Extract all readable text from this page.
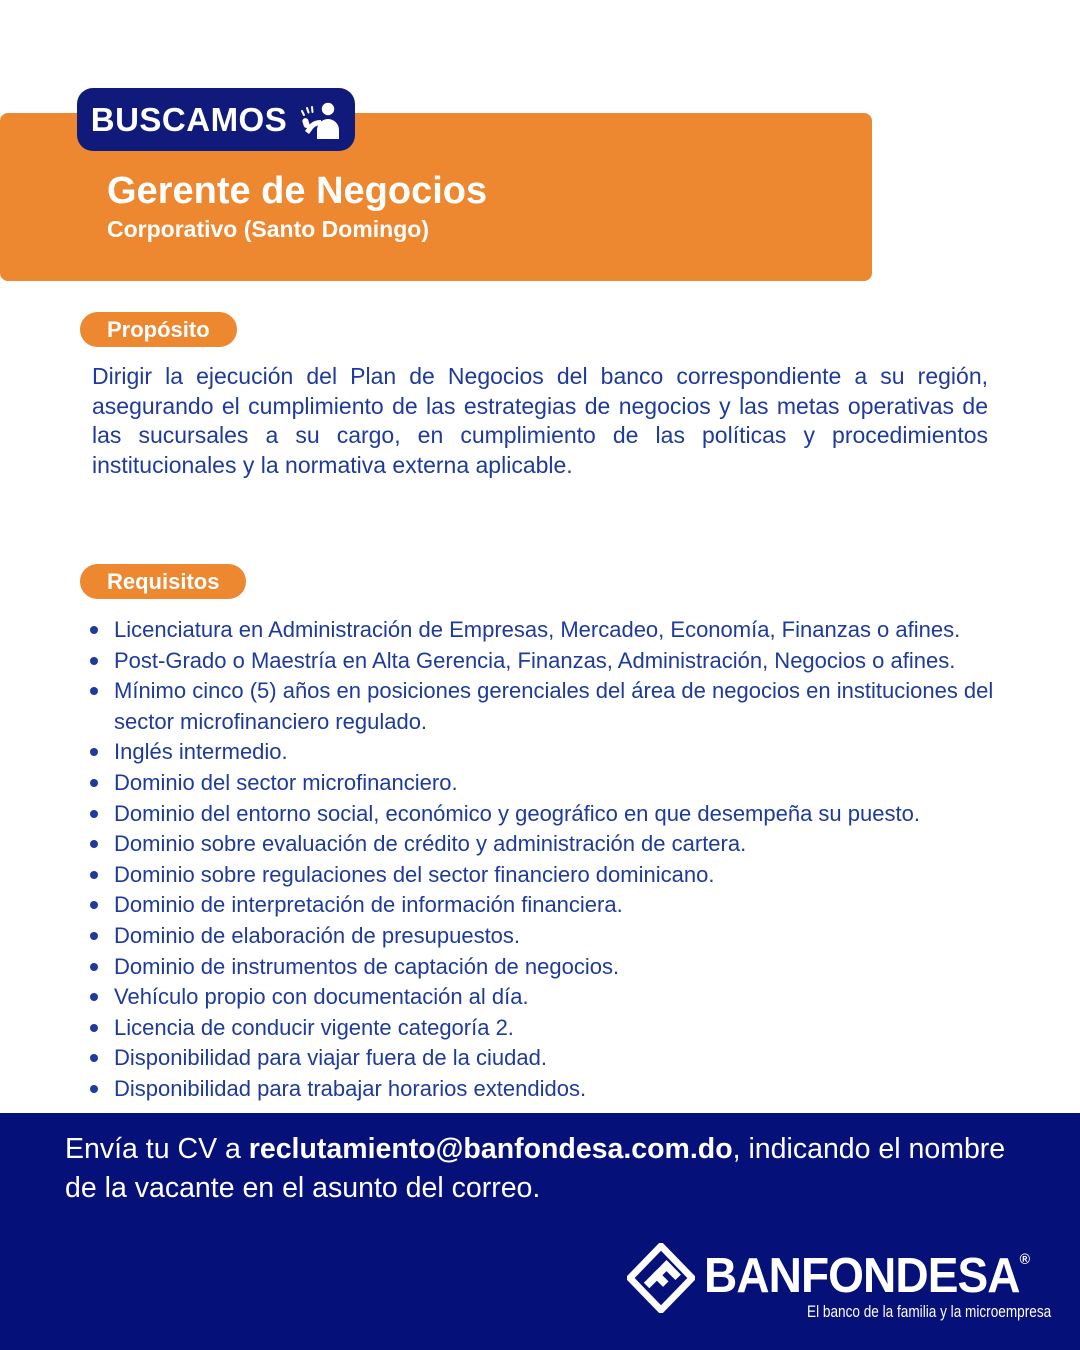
BUSCAMOS
Gerente de Negocios
Corporativo (Santo Domingo)
Propósito
Dirigir la ejecución del Plan de Negocios del banco correspondiente a su región, asegurando el cumplimiento de las estrategias de negocios y las metas operativas de las sucursales a su cargo, en cumplimiento de las políticas y procedimientos institucionales y la normativa externa aplicable.
Requisitos
Licenciatura en Administración de Empresas, Mercadeo, Economía, Finanzas o afines.
Post-Grado o Maestría en Alta Gerencia, Finanzas, Administración, Negocios o afines.
Mínimo cinco (5) años en posiciones gerenciales del área de negocios en instituciones del sector microfinanciero regulado.
Inglés intermedio.
Dominio del sector microfinanciero.
Dominio del entorno social, económico y geográfico en que desempeña su puesto.
Dominio sobre evaluación de crédito y administración de cartera.
Dominio sobre regulaciones del sector financiero dominicano.
Dominio de interpretación de información financiera.
Dominio de elaboración de presupuestos.
Dominio de instrumentos de captación de negocios.
Vehículo propio con documentación al día.
Licencia de conducir vigente categoría 2.
Disponibilidad para viajar fuera de la ciudad.
Disponibilidad para trabajar horarios extendidos.
Envía tu CV a reclutamiento@banfondesa.com.do, indicando el nombre de la vacante en el asunto del correo.
BANFONDESA®
El banco de la familia y la microempresa
